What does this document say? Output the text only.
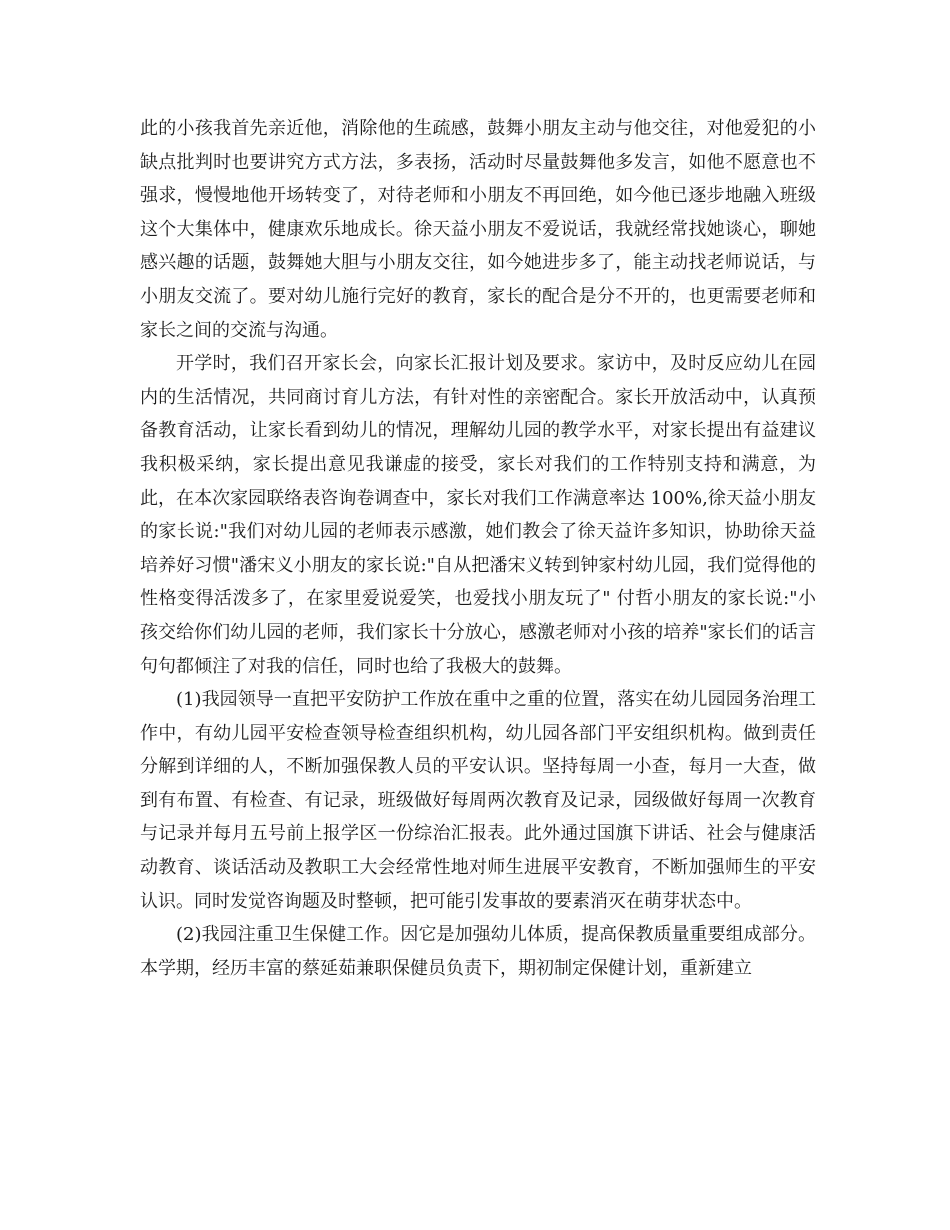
此的小孩我首先亲近他，消除他的生疏感，鼓舞小朋友主动与他交往，对他爱犯的小缺点批判时也要讲究方式方法，多表扬，活动时尽量鼓舞他多发言，如他不愿意也不强求，慢慢地他开场转变了，对待老师和小朋友不再回绝，如今他已逐步地融入班级这个大集体中，健康欢乐地成长。徐天益小朋友不爱说话，我就经常找她谈心，聊她感兴趣的话题，鼓舞她大胆与小朋友交往，如今她进步多了，能主动找老师说话，与小朋友交流了。要对幼儿施行完好的教育，家长的配合是分不开的，也更需要老师和家长之间的交流与沟通。

开学时，我们召开家长会，向家长汇报计划及要求。家访中，及时反应幼儿在园内的生活情况，共同商讨育儿方法，有针对性的亲密配合。家长开放活动中，认真预备教育活动，让家长看到幼儿的情况，理解幼儿园的教学水平，对家长提出有益建议我积极采纳，家长提出意见我谦虚的接受，家长对我们的工作特别支持和满意，为此，在本次家园联络表咨询卷调查中，家长对我们工作满意率达 100%,徐天益小朋友的家长说:"我们对幼儿园的老师表示感激，她们教会了徐天益许多知识，协助徐天益培养好习惯"潘宋义小朋友的家长说:"自从把潘宋义转到钟家村幼儿园，我们觉得他的性格变得活泼多了，在家里爱说爱笑，也爱找小朋友玩了" 付哲小朋友的家长说:"小孩交给你们幼儿园的老师，我们家长十分放心，感激老师对小孩的培养"家长们的话言句句都倾注了对我的信任，同时也给了我极大的鼓舞。

(1)我园领导一直把平安防护工作放在重中之重的位置，落实在幼儿园园务治理工作中，有幼儿园平安检查领导检查组织机构，幼儿园各部门平安组织机构。做到责任分解到详细的人，不断加强保教人员的平安认识。坚持每周一小查，每月一大查，做到有布置、有检查、有记录，班级做好每周两次教育及记录，园级做好每周一次教育与记录并每月五号前上报学区一份综治汇报表。此外通过国旗下讲话、社会与健康活动教育、谈话活动及教职工大会经常性地对师生进展平安教育，不断加强师生的平安认识。同时发觉咨询题及时整顿，把可能引发事故的要素消灭在萌芽状态中。

(2)我园注重卫生保健工作。因它是加强幼儿体质，提高保教质量重要组成部分。本学期，经历丰富的蔡延茹兼职保健员负责下，期初制定保健计划，重新建立
